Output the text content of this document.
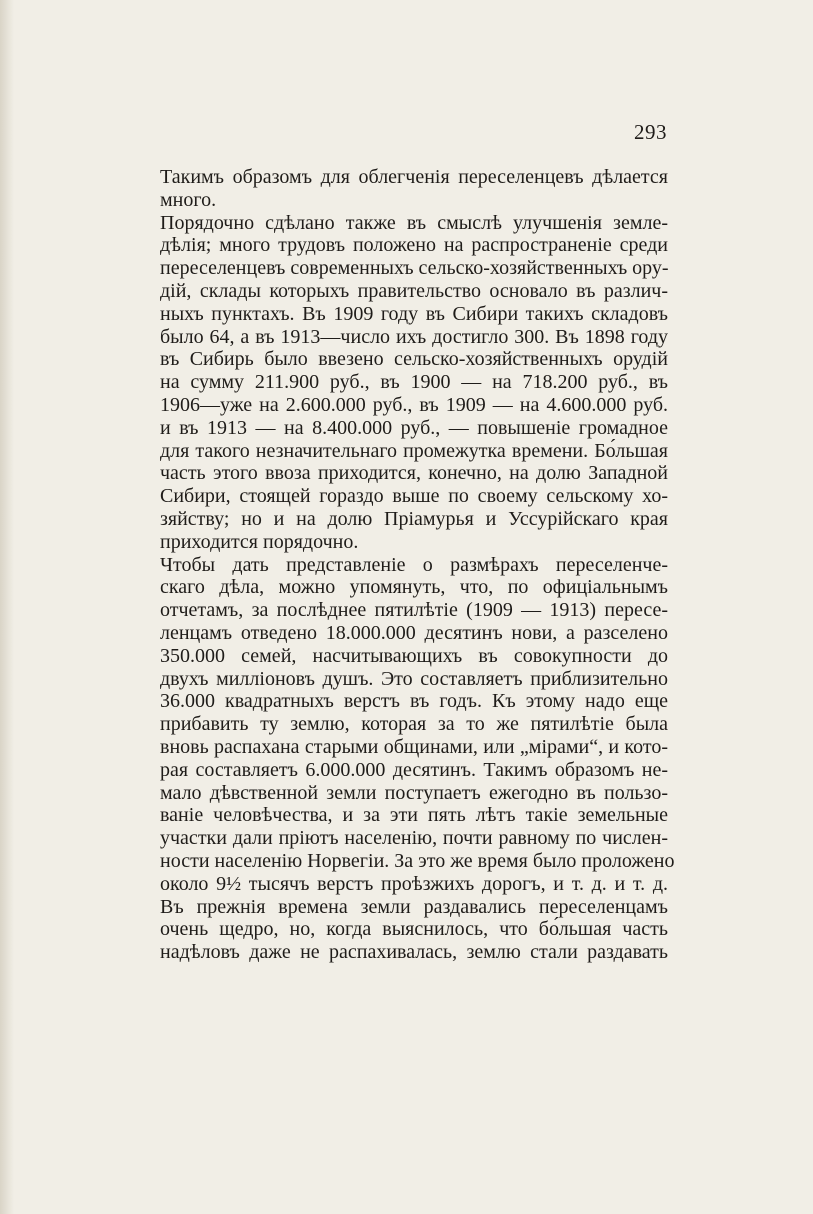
293

Такимъ образомъ для облегченія переселенцевъ дѣлается
много.

Порядочно сдѣлано также въ смыслѣ улучшенія земле-
дѣлія; много трудовъ положено на распространеніе среди
переселенцевъ современныхъ сельско-хозяйственныхъ ору-
дій, склады которыхъ правительство основало въ различ-
ныхъ пунктахъ. Въ 1909 году въ Сибири такихъ складовъ
было 64, а въ 1913—число ихъ достигло 300. Въ 1898 году
въ Сибирь было ввезено сельско-хозяйственныхъ орудій
на сумму 211.900 руб., въ 1900 — на 718.200 руб., въ
1906—уже на 2.600.000 руб., въ 1909 — на 4.600.000 руб.
и въ 1913 — на 8.400.000 руб., — повышеніе громадное
для такого незначительнаго промежутка времени. Бо́льшая
часть этого ввоза приходится, конечно, на долю Западной
Сибири, стоящей гораздо выше по своему сельскому хо-
зяйству; но и на долю Пріамурья и Уссурійскаго края
приходится порядочно.

Чтобы дать представленіе о размѣрахъ переселенче-
скаго дѣла, можно упомянуть, что, по офиціальнымъ
отчетамъ, за послѣднее пятилѣтіе (1909 — 1913) пересе-
ленцамъ отведено 18.000.000 десятинъ нови, а разселено
350.000 семей, насчитывающихъ въ совокупности до
двухъ милліоновъ душъ. Это составляетъ приблизительно
36.000 квадратныхъ верстъ въ годъ. Къ этому надо еще
прибавить ту землю, которая за то же пятилѣтіе была
вновь распахана старыми общинами, или „мірами“, и кото-
рая составляетъ 6.000.000 десятинъ. Такимъ образомъ не-
мало дѣвственной земли поступаетъ ежегодно въ пользо-
ваніе человѣчества, и за эти пять лѣтъ такіе земельные
участки дали пріютъ населенію, почти равному по числен-
ности населенію Норвегіи. За это же время было проложено
около 9½ тысячъ верстъ проѣзжихъ дорогъ, и т. д. и т. д.

Въ прежнія времена земли раздавались переселенцамъ
очень щедро, но, когда выяснилось, что бо́льшая часть
надѣловъ даже не распахивалась, землю стали раздавать
